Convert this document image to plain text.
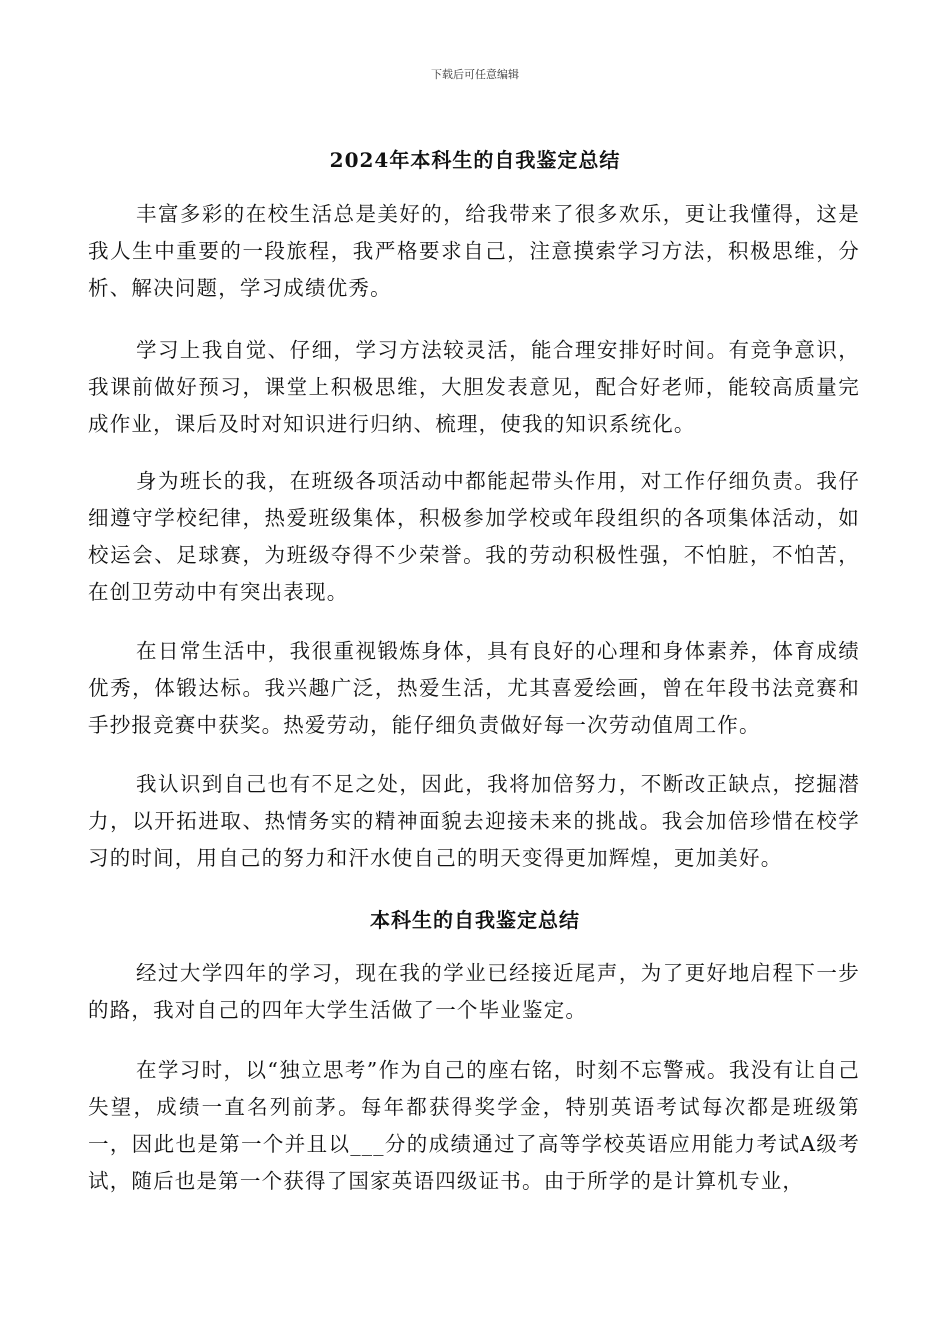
下载后可任意编辑
2024年本科生的自我鉴定总结

丰富多彩的在校生活总是美好的，给我带来了很多欢乐，更让我懂得，这是我人生中重要的一段旅程，我严格要求自己，注意摸索学习方法，积极思维，分析、解决问题，学习成绩优秀。

学习上我自觉、仔细，学习方法较灵活，能合理安排好时间。有竞争意识，我课前做好预习，课堂上积极思维，大胆发表意见，配合好老师，能较高质量完成作业，课后及时对知识进行归纳、梳理，使我的知识系统化。

身为班长的我，在班级各项活动中都能起带头作用，对工作仔细负责。我仔细遵守学校纪律，热爱班级集体，积极参加学校或年段组织的各项集体活动，如校运会、足球赛，为班级夺得不少荣誉。我的劳动积极性强，不怕脏，不怕苦，在创卫劳动中有突出表现。

在日常生活中，我很重视锻炼身体，具有良好的心理和身体素养，体育成绩优秀，体锻达标。我兴趣广泛，热爱生活，尤其喜爱绘画，曾在年段书法竞赛和手抄报竞赛中获奖。热爱劳动，能仔细负责做好每一次劳动值周工作。

我认识到自己也有不足之处，因此，我将加倍努力，不断改正缺点，挖掘潜力，以开拓进取、热情务实的精神面貌去迎接未来的挑战。我会加倍珍惜在校学习的时间，用自己的努力和汗水使自己的明天变得更加辉煌，更加美好。

本科生的自我鉴定总结

经过大学四年的学习，现在我的学业已经接近尾声，为了更好地启程下一步的路，我对自己的四年大学生活做了一个毕业鉴定。

在学习时，以“独立思考”作为自己的座右铭，时刻不忘警戒。我没有让自己失望，成绩一直名列前茅。每年都获得奖学金，特别英语考试每次都是班级第一，因此也是第一个并且以___分的成绩通过了高等学校英语应用能力考试A级考试，随后也是第一个获得了国家英语四级证书。由于所学的是计算机专业，
